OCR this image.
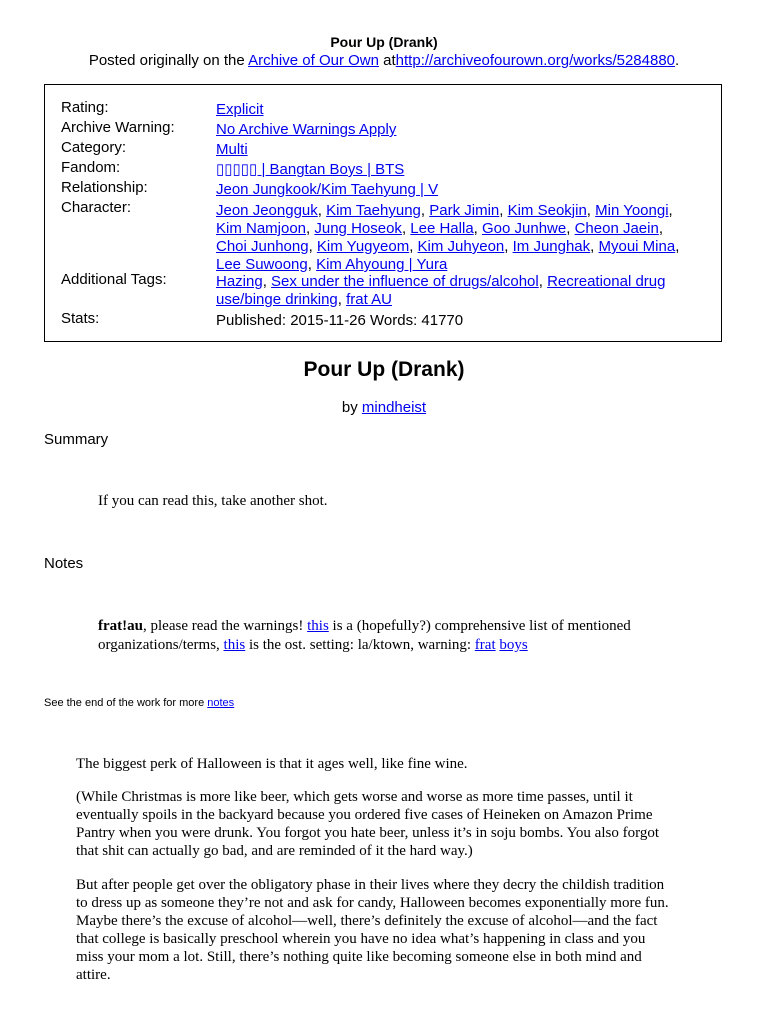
Pour Up (Drank)
Posted originally on the Archive of Our Own athttp://archiveofourown.org/works/5284880.
Rating:	Explicit
Archive Warning:	No Archive Warnings Apply
Category:	Multi
Fandom:	▯▯▯▯▯ | Bangtan Boys | BTS
Relationship:	Jeon Jungkook/Kim Taehyung | V
Character:	Jeon Jeongguk, Kim Taehyung, Park Jimin, Kim Seokjin, Min Yoongi,
Kim Namjoon, Jung Hoseok, Lee Halla, Goo Junhwe, Cheon Jaein,
Choi Junhong, Kim Yugyeom, Kim Juhyeon, Im Junghak, Myoui Mina,
Lee Suwoong, Kim Ahyoung | Yura
Additional Tags:	Hazing, Sex under the influence of drugs/alcohol, Recreational drug use/binge drinking, frat AU
Stats:	Published: 2015-11-26 Words: 41770
Pour Up (Drank)
by mindheist
Summary
If you can read this, take another shot.
Notes
frat!au, please read the warnings! this is a (hopefully?) comprehensive list of mentioned
organizations/terms, this is the ost. setting: la/ktown, warning: frat boys
See the end of the work for more notes
The biggest perk of Halloween is that it ages well, like fine wine.
(While Christmas is more like beer, which gets worse and worse as more time passes, until it
eventually spoils in the backyard because you ordered five cases of Heineken on Amazon Prime
Pantry when you were drunk. You forgot you hate beer, unless it’s in soju bombs. You also forgot
that shit can actually go bad, and are reminded of it the hard way.)
But after people get over the obligatory phase in their lives where they decry the childish tradition
to dress up as someone they’re not and ask for candy, Halloween becomes exponentially more fun.
Maybe there’s the excuse of alcohol—well, there’s definitely the excuse of alcohol—and the fact
that college is basically preschool wherein you have no idea what’s happening in class and you
miss your mom a lot. Still, there’s nothing quite like becoming someone else in both mind and
attire.
